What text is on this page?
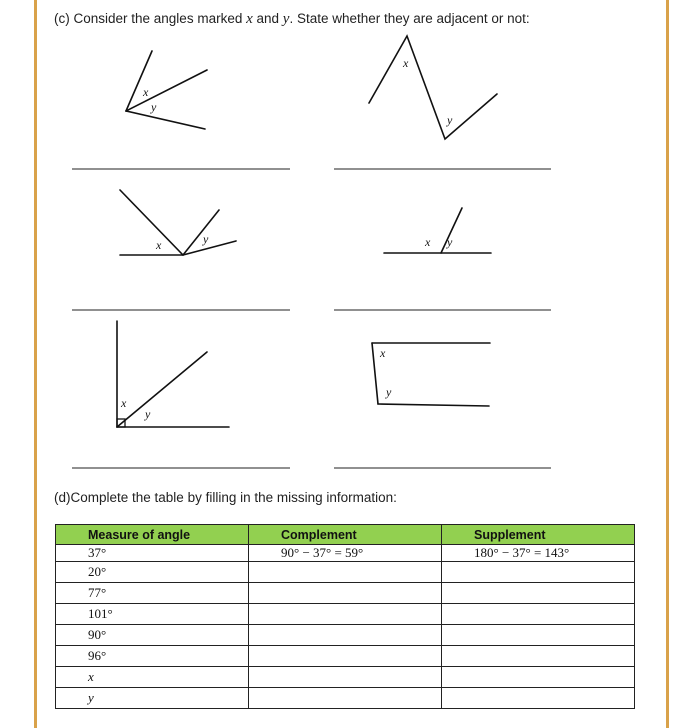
(c) Consider the angles marked x and y. State whether they are adjacent or not:
x
y
x
y
x	y	x y
x
y
x
y
(d)Complete the table by filling in the missing information:
Measure of angle	Complement	Supplement
37°	90° − 37° = 59°	180° − 37° = 143°
20°		
77°		
101°		
90°		
96°		
x		
y		
